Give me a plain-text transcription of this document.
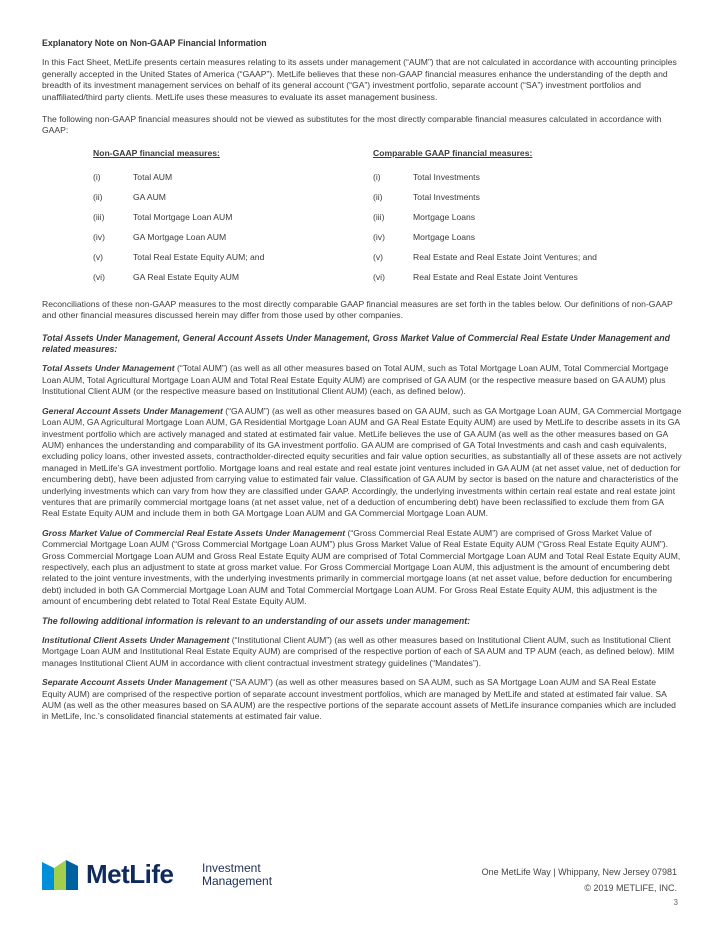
Explanatory Note on Non-GAAP Financial Information

In this Fact Sheet, MetLife presents certain measures relating to its assets under management (“AUM”) that are not calculated in accordance with accounting principles generally accepted in the United States of America (“GAAP”). MetLife believes that these non-GAAP financial measures enhance the understanding of the depth and breadth of its investment management services on behalf of its general account (“GA”) investment portfolio, separate account (“SA”) investment portfolios and unaffiliated/third party clients. MetLife uses these measures to evaluate its asset management business.

The following non-GAAP financial measures should not be viewed as substitutes for the most directly comparable financial measures calculated in accordance with GAAP:

Non-GAAP financial measures:	Comparable GAAP financial measures:
(i)	Total AUM	(i)	Total Investments
(ii)	GA AUM	(ii)	Total Investments
(iii)	Total Mortgage Loan AUM	(iii)	Mortgage Loans
(iv)	GA Mortgage Loan AUM	(iv)	Mortgage Loans
(v)	Total Real Estate Equity AUM; and	(v)	Real Estate and Real Estate Joint Ventures; and
(vi)	GA Real Estate Equity AUM	(vi)	Real Estate and Real Estate Joint Ventures

Reconciliations of these non-GAAP measures to the most directly comparable GAAP financial measures are set forth in the tables below. Our definitions of non-GAAP and other financial measures discussed herein may differ from those used by other companies.

Total Assets Under Management, General Account Assets Under Management, Gross Market Value of Commercial Real Estate Under Management and related measures:

Total Assets Under Management (“Total AUM”) (as well as all other measures based on Total AUM, such as Total Mortgage Loan AUM, Total Commercial Mortgage Loan AUM, Total Agricultural Mortgage Loan AUM and Total Real Estate Equity AUM) are comprised of GA AUM (or the respective measure based on GA AUM) plus Institutional Client AUM (or the respective measure based on Institutional Client AUM) (each, as defined below).

General Account Assets Under Management (“GA AUM”) (as well as other measures based on GA AUM, such as GA Mortgage Loan AUM, GA Commercial Mortgage Loan AUM, GA Agricultural Mortgage Loan AUM, GA Residential Mortgage Loan AUM and GA Real Estate Equity AUM) are used by MetLife to describe assets in its GA investment portfolio which are actively managed and stated at estimated fair value. MetLife believes the use of GA AUM (as well as the other measures based on GA AUM) enhances the understanding and comparability of its GA investment portfolio. GA AUM are comprised of GA Total Investments and cash and cash equivalents, excluding policy loans, other invested assets, contractholder-directed equity securities and fair value option securities, as substantially all of these assets are not actively managed in MetLife’s GA investment portfolio. Mortgage loans and real estate and real estate joint ventures included in GA AUM (at net asset value, net of deduction for encumbering debt), have been adjusted from carrying value to estimated fair value. Classification of GA AUM by sector is based on the nature and characteristics of the underlying investments which can vary from how they are classified under GAAP. Accordingly, the underlying investments within certain real estate and real estate joint ventures that are primarily commercial mortgage loans (at net asset value, net of a deduction of encumbering debt) have been reclassified to exclude them from GA Real Estate Equity AUM and include them in both GA Mortgage Loan AUM and GA Commercial Mortgage Loan AUM.

Gross Market Value of Commercial Real Estate Assets Under Management (“Gross Commercial Real Estate AUM”) are comprised of Gross Market Value of Commercial Mortgage Loan AUM (“Gross Commercial Mortgage Loan AUM”) plus Gross Market Value of Real Estate Equity AUM (“Gross Real Estate Equity AUM”). Gross Commercial Mortgage Loan AUM and Gross Real Estate Equity AUM are comprised of Total Commercial Mortgage Loan AUM and Total Real Estate Equity AUM, respectively, each plus an adjustment to state at gross market value. For Gross Commercial Mortgage Loan AUM, this adjustment is the amount of encumbering debt related to the joint venture investments, with the underlying investments primarily in commercial mortgage loans (at net asset value, before deduction for encumbering debt) included in both GA Commercial Mortgage Loan AUM and Total Commercial Mortgage Loan AUM. For Gross Real Estate Equity AUM, this adjustment is the amount of encumbering debt related to Total Real Estate Equity AUM.

The following additional information is relevant to an understanding of our assets under management:

Institutional Client Assets Under Management (“Institutional Client AUM”) (as well as other measures based on Institutional Client AUM, such as Institutional Client Mortgage Loan AUM and Institutional Real Estate Equity AUM) are comprised of the respective portion of each of SA AUM and TP AUM (each, as defined below). MIM manages Institutional Client AUM in accordance with client contractual investment strategy guidelines (“Mandates”).

Separate Account Assets Under Management (“SA AUM”) (as well as other measures based on SA AUM, such as SA Mortgage Loan AUM and SA Real Estate Equity AUM) are comprised of the respective portion of separate account investment portfolios, which are managed by MetLife and stated at estimated fair value. SA AUM (as well as the other measures based on SA AUM) are the respective portions of the separate account assets of MetLife insurance companies which are included in MetLife, Inc.’s consolidated financial statements at estimated fair value.

MetLife Investment
Management
One MetLife Way | Whippany, New Jersey 07981
© 2019 METLIFE, INC.
3
